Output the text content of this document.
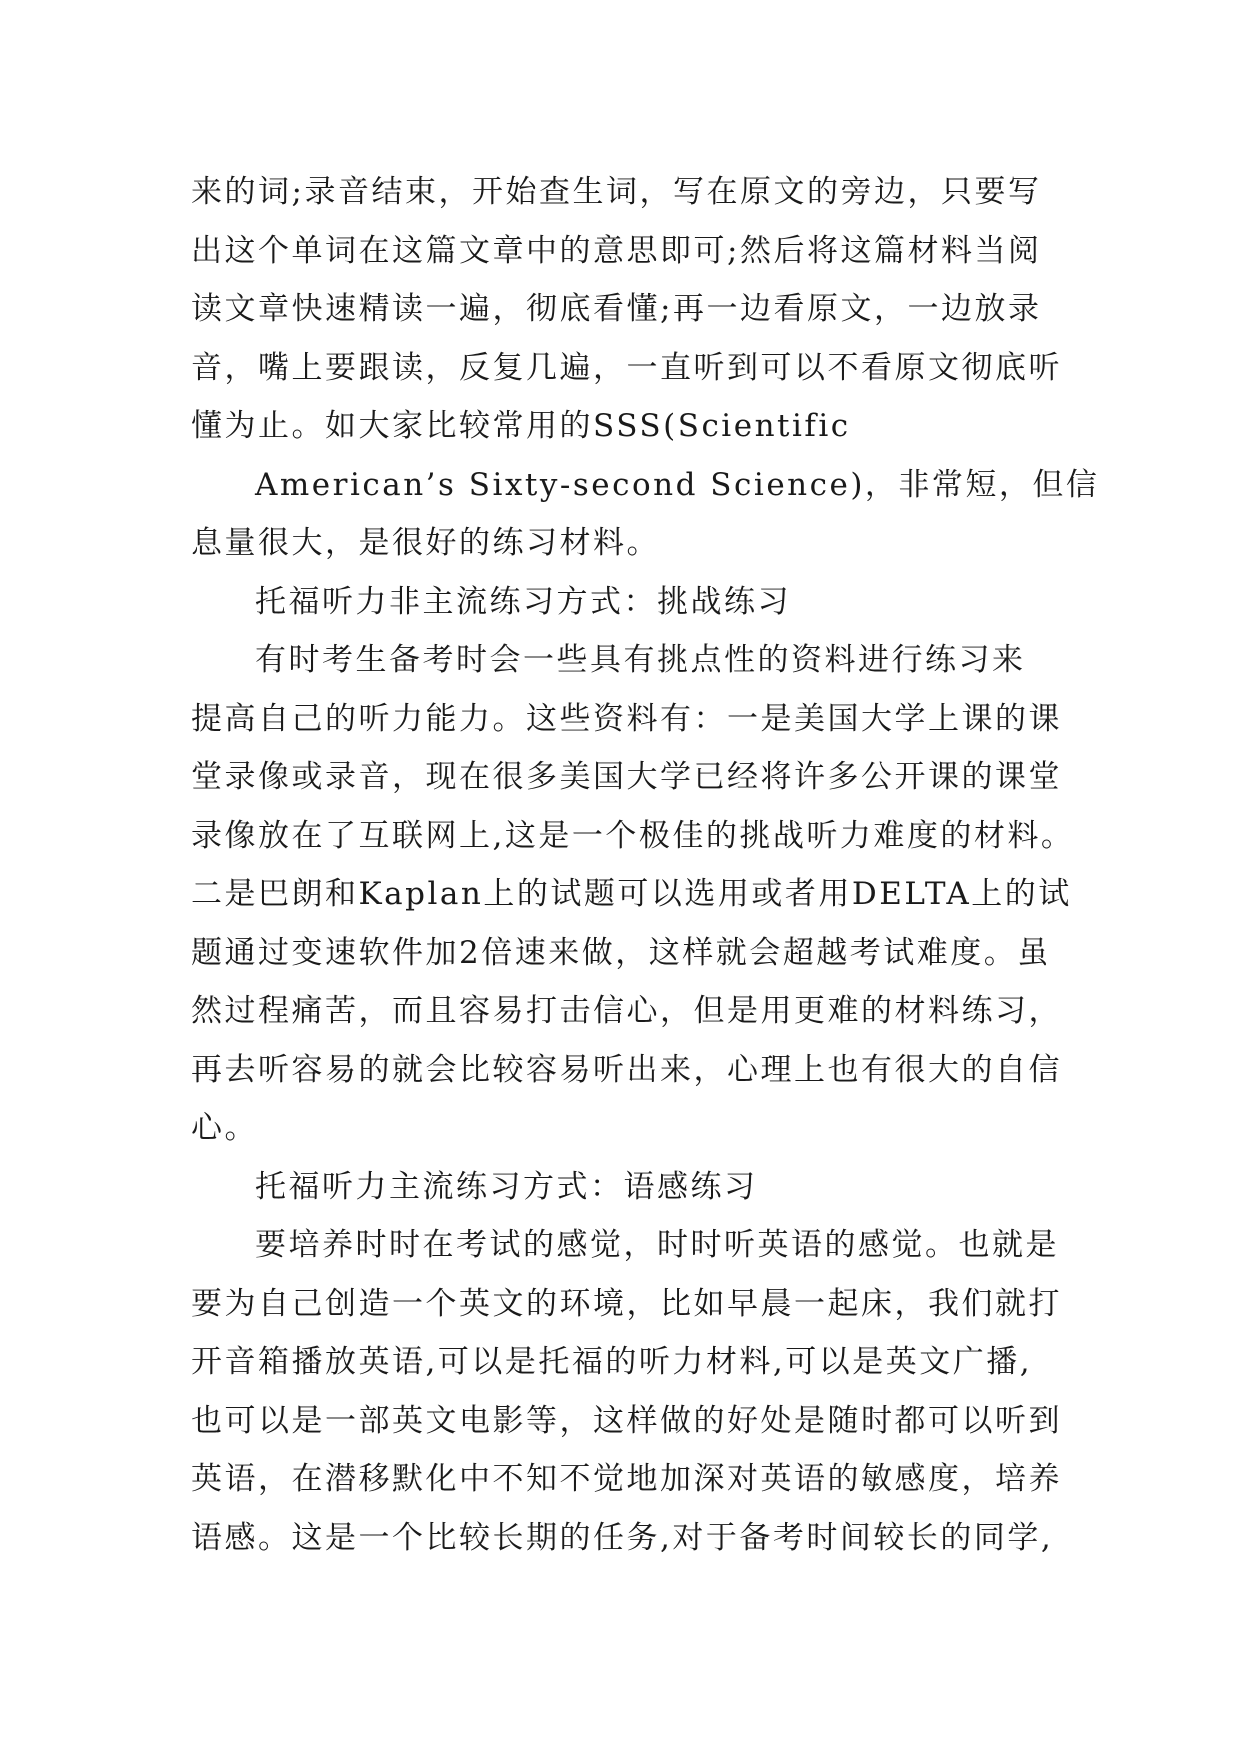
来的词;录音结束，开始查生词，写在原文的旁边，只要写
出这个单词在这篇文章中的意思即可;然后将这篇材料当阅
读文章快速精读一遍，彻底看懂;再一边看原文，一边放录
音，嘴上要跟读，反复几遍，一直听到可以不看原文彻底听
懂为止。如大家比较常用的SSS(Scientific

American’s Sixty-second Science)，非常短，但信
息量很大，是很好的练习材料。

托福听力非主流练习方式：挑战练习

有时考生备考时会一些具有挑点性的资料进行练习来
提高自己的听力能力。这些资料有：一是美国大学上课的课
堂录像或录音，现在很多美国大学已经将许多公开课的课堂
录像放在了互联网上,这是一个极佳的挑战听力难度的材料。
二是巴朗和Kaplan上的试题可以选用或者用DELTA上的试
题通过变速软件加2倍速来做，这样就会超越考试难度。虽
然过程痛苦，而且容易打击信心，但是用更难的材料练习，
再去听容易的就会比较容易听出来，心理上也有很大的自信
心。

托福听力主流练习方式：语感练习

要培养时时在考试的感觉，时时听英语的感觉。也就是
要为自己创造一个英文的环境，比如早晨一起床，我们就打
开音箱播放英语,可以是托福的听力材料,可以是英文广播,
也可以是一部英文电影等，这样做的好处是随时都可以听到
英语，在潜移默化中不知不觉地加深对英语的敏感度，培养
语感。这是一个比较长期的任务,对于备考时间较长的同学,
